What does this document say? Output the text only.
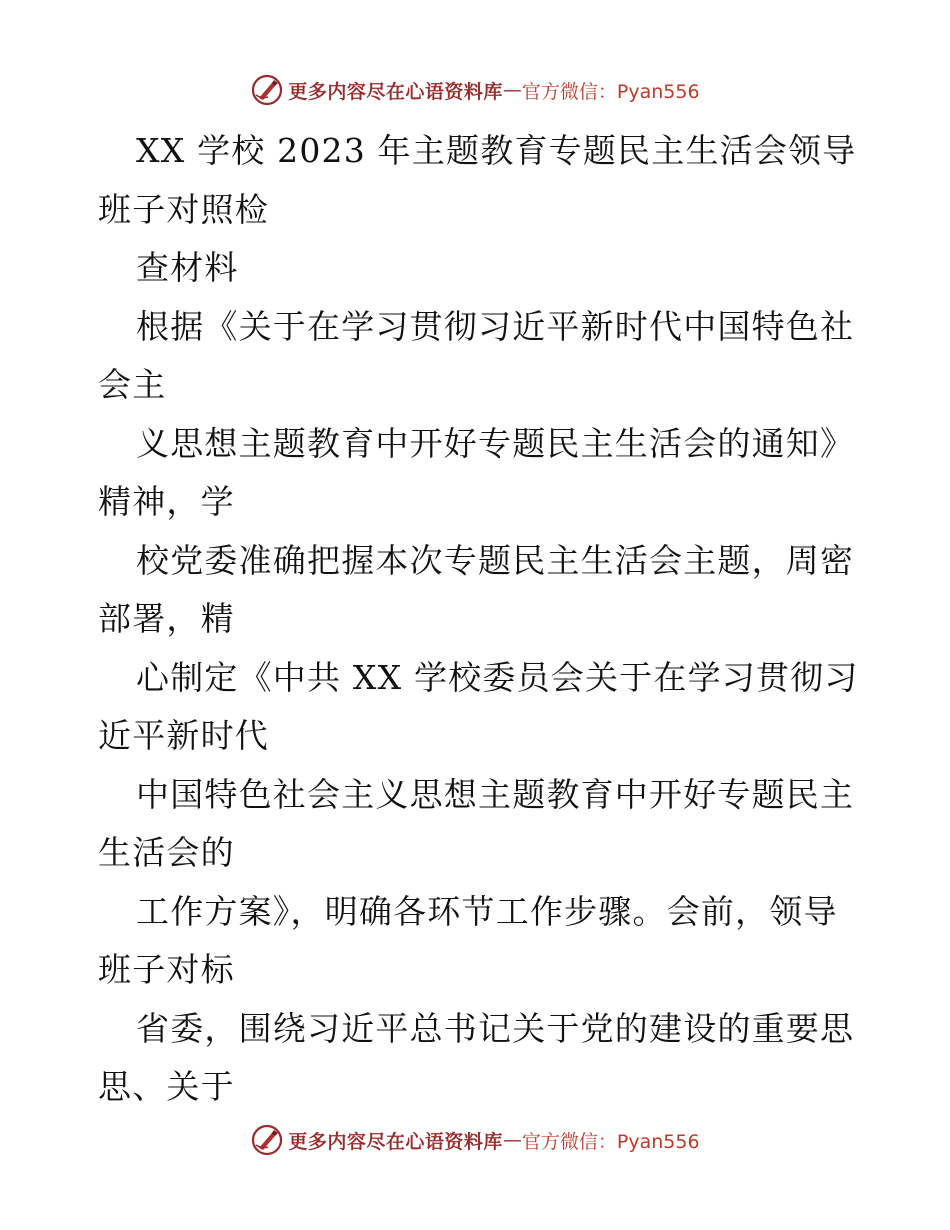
更多内容尽在心语资料库 — 官方微信：Pyan556
XX 学校 2023 年主题教育专题民主生活会领导
班子对照检
查材料
根据《关于在学习贯彻习近平新时代中国特色社
会主
义思想主题教育中开好专题民主生活会的通知》
精神，学
校党委准确把握本次专题民主生活会主题，周密
部署，精
心制定《中共 XX 学校委员会关于在学习贯彻习
近平新时代
中国特色社会主义思想主题教育中开好专题民主
生活会的
工作方案》，明确各环节工作步骤。会前，领导
班子对标
省委，围绕习近平总书记关于党的建设的重要思
思、关于
更多内容尽在心语资料库 — 官方微信：Pyan556
